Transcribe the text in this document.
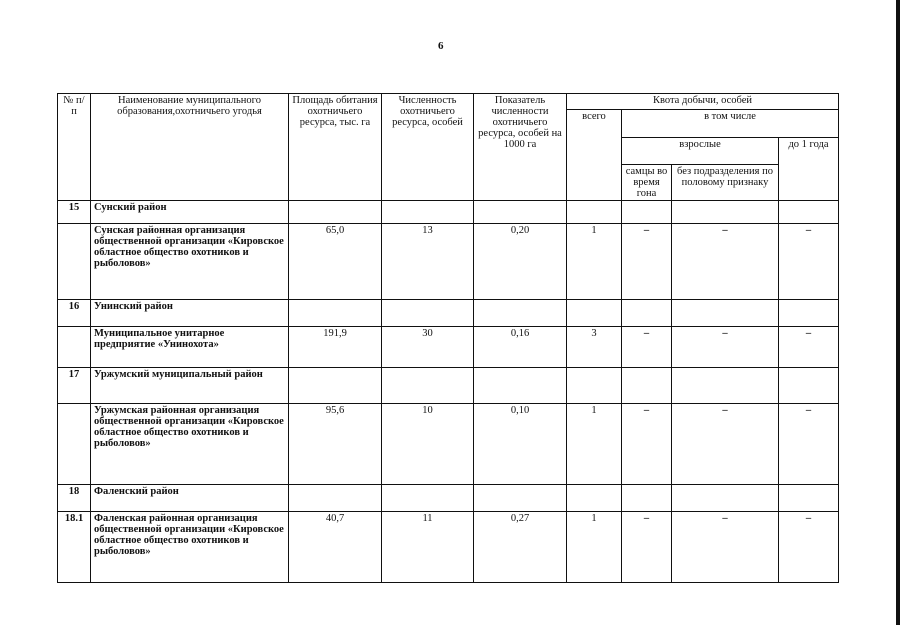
6
№ п/п	Наименование муниципального образования,охотничьего угодья	Площадь обитания охотничьего ресурса, тыс. га	Численность охотничьего ресурса, особей	Показатель численности охотничьего ресурса, особей на 1000 га	Квота добычи, особей			
					всего	в том числе		
						взрослые		до 1 года
						самцы во время гона	без подразделения по половому признаку	
15	Сунский район							
	Сунская районная организация общественной организации «Кировское областное общество охотников и рыболовов»	65,0	13	0,20	1	–	–	–
16	Унинский район							
	Муниципальное унитарное предприятие «Унинохота»	191,9	30	0,16	3	–	–	–
17	Уржумский муниципальный район							
	Уржумская районная организация общественной организации «Кировское областное общество охотников и рыболовов»	95,6	10	0,10	1	–	–	–
18	Фаленский район							
18.1	Фаленская районная организация общественной организации «Кировское областное общество охотников и рыболовов»	40,7	11	0,27	1	–	–	–
